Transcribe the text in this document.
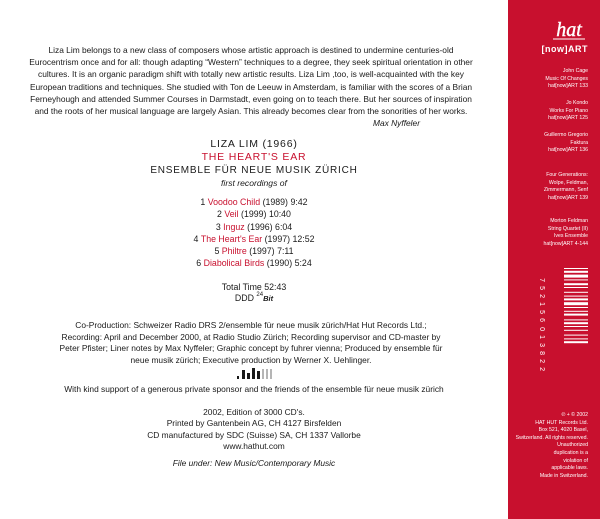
Liza Lim belongs to a new class of composers whose artistic approach is destined to undermine centuries-old
Eurocentrism once and for all: though adapting “Western” techniques to a degree, they seek spiritual orientation in other
cultures. It is an organic paradigm shift with totally new artistic results. Liza Lim ,too, is well-acquainted with the key
European traditions and techniques. She studied with Ton de Leeuw in Amsterdam, is familiar with the scores of a Brian
Ferneyhough and attended Summer Courses in Darmstadt, even going on to teach there. But her sources of inspiration
and the roots of her musical language are largely Asian. This already becomes clear from the sonorities of her works.
Max Nyffeler
LIZA LIM (1966)
THE HEART'S EAR
ENSEMBLE FÜR NEUE MUSIK ZÜRICH
first recordings of
1 Voodoo Child (1989) 9:42
2 Veil (1999) 10:40
3 Inguz (1996) 6:04
4 The Heart's Ear (1997) 12:52
5 Philtre (1997) 7:11
6 Diabolical Birds (1990) 5:24
Total Time 52:43
DDD $^{24}$Bit
Co-Production: Schweizer Radio DRS 2/ensemble für neue musik zürich/Hat Hut Records Ltd.;
Recording: April and December 2000, at Radio Studio Zürich; Recording supervisor and CD-master by
Peter Pfister; Liner notes by Max Nyffeler; Graphic concept by fuhrer vienna; Produced by ensemble für
neue musik zürich; Executive production by Werner X. Uehlinger.
With kind support of a generous private sponsor and the friends of the ensemble für neue musik zürich
2002, Edition of 3000 CD's.
Printed by Gantenbein AG, CH 4127 Birsfelden
CD manufactured by SDC (Suisse) SA, CH 1337 Vallorbe
www.hathut.com
File under: New Music/Contemporary Music
hat
[now]ART
John Cage
Music Of Changes
hat[now]ART 133
Jo Kondo
Works For Piano
hat[now]ART 125
Guillermo Gregorio
Faktura
hat[now]ART 136
Four Generations:
Wolpe, Feldman,
Zimmermann, Senf
hat[now]ART 139
Morton Feldman
String Quartet (II)
Ives Ensemble
hat[now]ART 4-144
7
5
2
1
5
6
0
1
3
8
2
2
℗ + © 2002
HAT HUT Records Ltd.
Box 521, 4020 Basel,
Switzerland. All rights reserved.
Unauthorized
duplication is a
violation of
applicable laws.
Made in Switzerland.
